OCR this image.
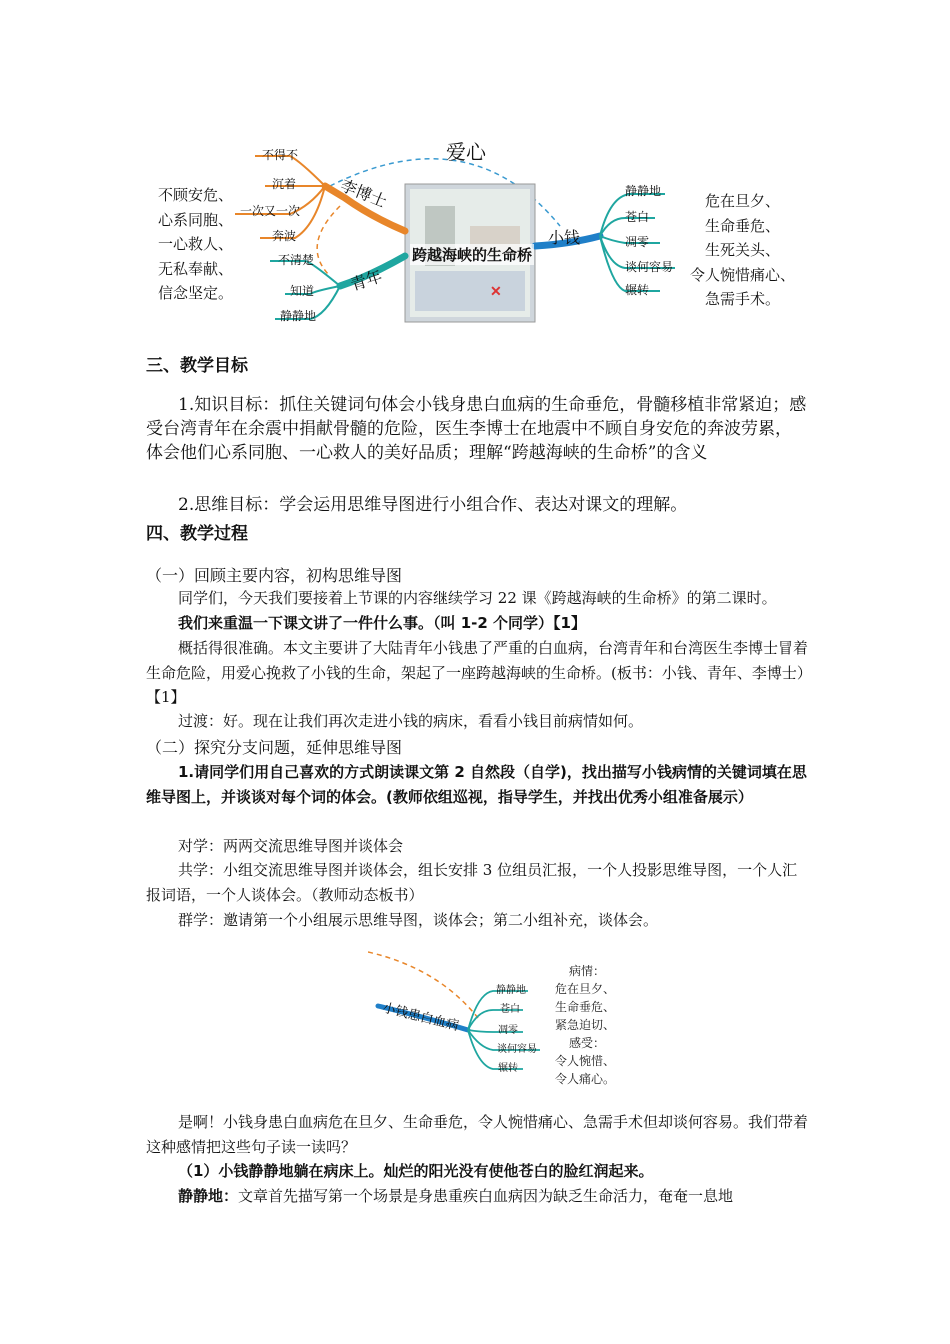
✕
爱心
跨越海峡的生命桥
李博士
青年
小钱
不得不
沉着
一次又一次
奔波
不清楚
知道
静静地
静静地
苍白
凋零
谈何容易
辗转
不顾安危、
心系同胞、
一心救人、
无私奉献、
信念坚定。
危在旦夕、
生命垂危、
生死关头、
令人惋惜痛心、
急需手术。
三、教学目标

1.知识目标：抓住关键词句体会小钱身患白血病的生命垂危，骨髓移植非常紧迫；感受台湾青年在余震中捐献骨髓的危险，医生李博士在地震中不顾自身安危的奔波劳累，体会他们心系同胞、一心救人的美好品质；理解“跨越海峡的生命桥”的含义

2.思维目标：学会运用思维导图进行小组合作、表达对课文的理解。

四、教学过程
（一）回顾主要内容，初构思维导图

同学们，今天我们要接着上节课的内容继续学习 22 课《跨越海峡的生命桥》的第二课时。

我们来重温一下课文讲了一件什么事。（叫 1-2 个同学）【1】

概括得很准确。本文主要讲了大陆青年小钱患了严重的白血病，台湾青年和台湾医生李博士冒着生命危险，用爱心挽救了小钱的生命，架起了一座跨越海峡的生命桥。(板书：小钱、青年、李博士）【1】

过渡：好。现在让我们再次走进小钱的病床，看看小钱目前病情如何。

（二）探究分支问题，延伸思维导图

1.请同学们用自己喜欢的方式朗读课文第 2 自然段（自学)，找出描写小钱病情的关键词填在思维导图上，并谈谈对每个词的体会。(教师依组巡视，指导学生，并找出优秀小组准备展示）

对学：两两交流思维导图并谈体会

共学：小组交流思维导图并谈体会，组长安排 3 位组员汇报，一个人投影思维导图，一个人汇报词语，一个人谈体会。（教师动态板书）

群学：邀请第一个小组展示思维导图，谈体会；第二小组补充，谈体会。

小钱患白血病
静静地
苍白
凋零
谈何容易
辗转
病情：
危在旦夕、
生命垂危、
紧急迫切、
感受：
令人惋惜、
令人痛心。

是啊！小钱身患白血病危在旦夕、生命垂危，令人惋惜痛心、急需手术但却谈何容易。我们带着这种感情把这些句子读一读吗？

（1）小钱静静地躺在病床上。灿烂的阳光没有使他苍白的脸红润起来。

静静地：文章首先描写第一个场景是身患重疾白血病因为缺乏生命活力，奄奄一息地
